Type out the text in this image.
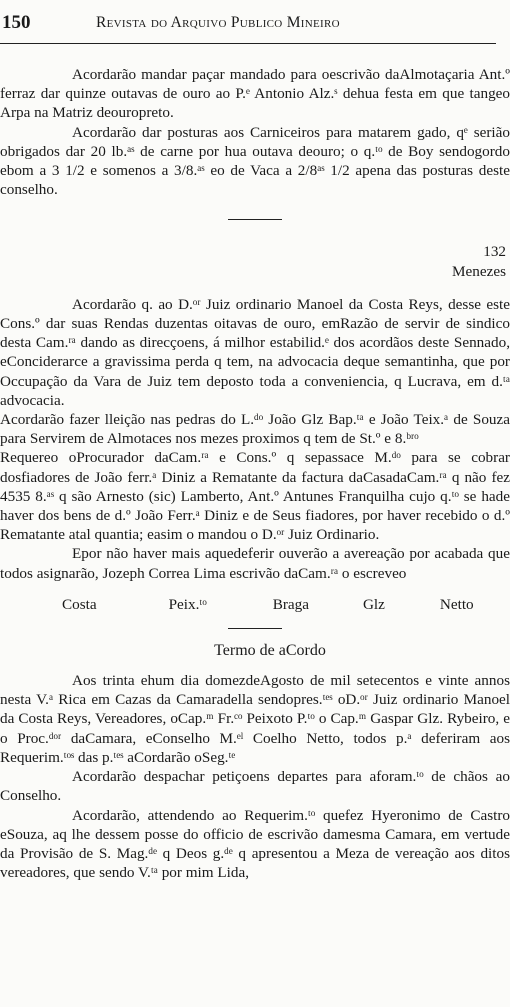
150	Revista do Arquivo Publico Mineiro

Acordarão mandar paçar mandado para oescrivão daAlmotaçaria Ant.º ferraz dar quinze outavas de ouro ao P.ᵉ Antonio Alz.ˢ dehua festa em que tangeo Arpa na Matriz deouropreto.

Acordarão dar posturas aos Carniceiros para matarem gado, qᵉ serião obrigados dar 20 lb.ᵃˢ de carne por hua outava deouro; o q.ᵗᵒ de Boy sendogordo ebom a 3 1/2 e somenos a 3/8.ᵃˢ eo de Vaca a 2/8ᵃˢ 1/2 apena das posturas deste conselho.

132
Menezes

Acordarão q. ao D.ᵒʳ Juiz ordinario Manoel da Costa Reys, desse este Cons.º dar suas Rendas duzentas oitavas de ouro, emRazão de servir de sindico desta Cam.ʳᵃ dando as direcçoens, á milhor estabilid.ᵉ dos acordãos deste Sennado, eConciderarce a gravissima perda q tem, na advocacia deque semantinha, que por Occupação da Vara de Juiz tem deposto toda a conveniencia, q Lucrava, em d.ᵗᵃ advocacia.

Acordarão fazer lleição nas pedras do L.ᵈᵒ João Glz Bap.ᵗᵃ e João Teix.ᵃ de Souza para Servirem de Almotaces nos mezes proximos q tem de St.º e 8.ᵇʳᵒ

Requereo oProcurador daCam.ʳᵃ e Cons.º q sepassace M.ᵈᵒ para se cobrar dosfiadores de João ferr.ᵃ Diniz a Rematante da factura daCasadaCam.ʳᵃ q não fez 4535 8.ᵃˢ q são Arnesto (sic) Lamberto, Ant.º Antunes Franquilha cujo q.ᵗᵒ se hade haver dos bens de d.º João Ferr.ᵃ Diniz e de Seus fiadores, por haver recebido o d.º Rematante atal quantia; easim o mandou o D.ᵒʳ Juiz Ordinario.

Epor não haver mais aquedeferir ouverão a avereação por acabada que todos asignarão, Jozeph Correa Lima escrivão daCam.ʳᵃ o escreveo

Costa	Peix.ᵗᵒ	Braga	Glz	Netto
Termo de aCordo

Aos trinta ehum dia domezdeAgosto de mil setecentos e vinte annos nesta V.ᵃ Rica em Cazas da Camaradella sendopres.ᵗᵉˢ oD.ᵒʳ Juiz ordinario Manoel da Costa Reys, Vereadores, oCap.ᵐ Fr.ᶜᵒ Peixoto P.ᵗᵒ o Cap.ᵐ Gaspar Glz. Rybeiro, e o Proc.ᵈᵒʳ daCamara, eConselho M.ᵉˡ Coelho Netto, todos p.ᵃ deferiram aos Requerim.ᵗᵒˢ das p.ᵗᵉˢ aCordarão oSeg.ᵗᵉ

Acordarão despachar petiçoens departes para aforam.ᵗᵒ de chãos ao Conselho.

Acordarão, attendendo ao Requerim.ᵗᵒ quefez Hyeronimo de Castro eSouza, aq lhe dessem posse do officio de escrivão damesma Camara, em vertude da Provisão de S. Mag.ᵈᵉ q Deos g.ᵈᵉ q apresentou a Meza de vereação aos ditos vereadores, que sendo V.ᵗᵃ por mim Lida,
